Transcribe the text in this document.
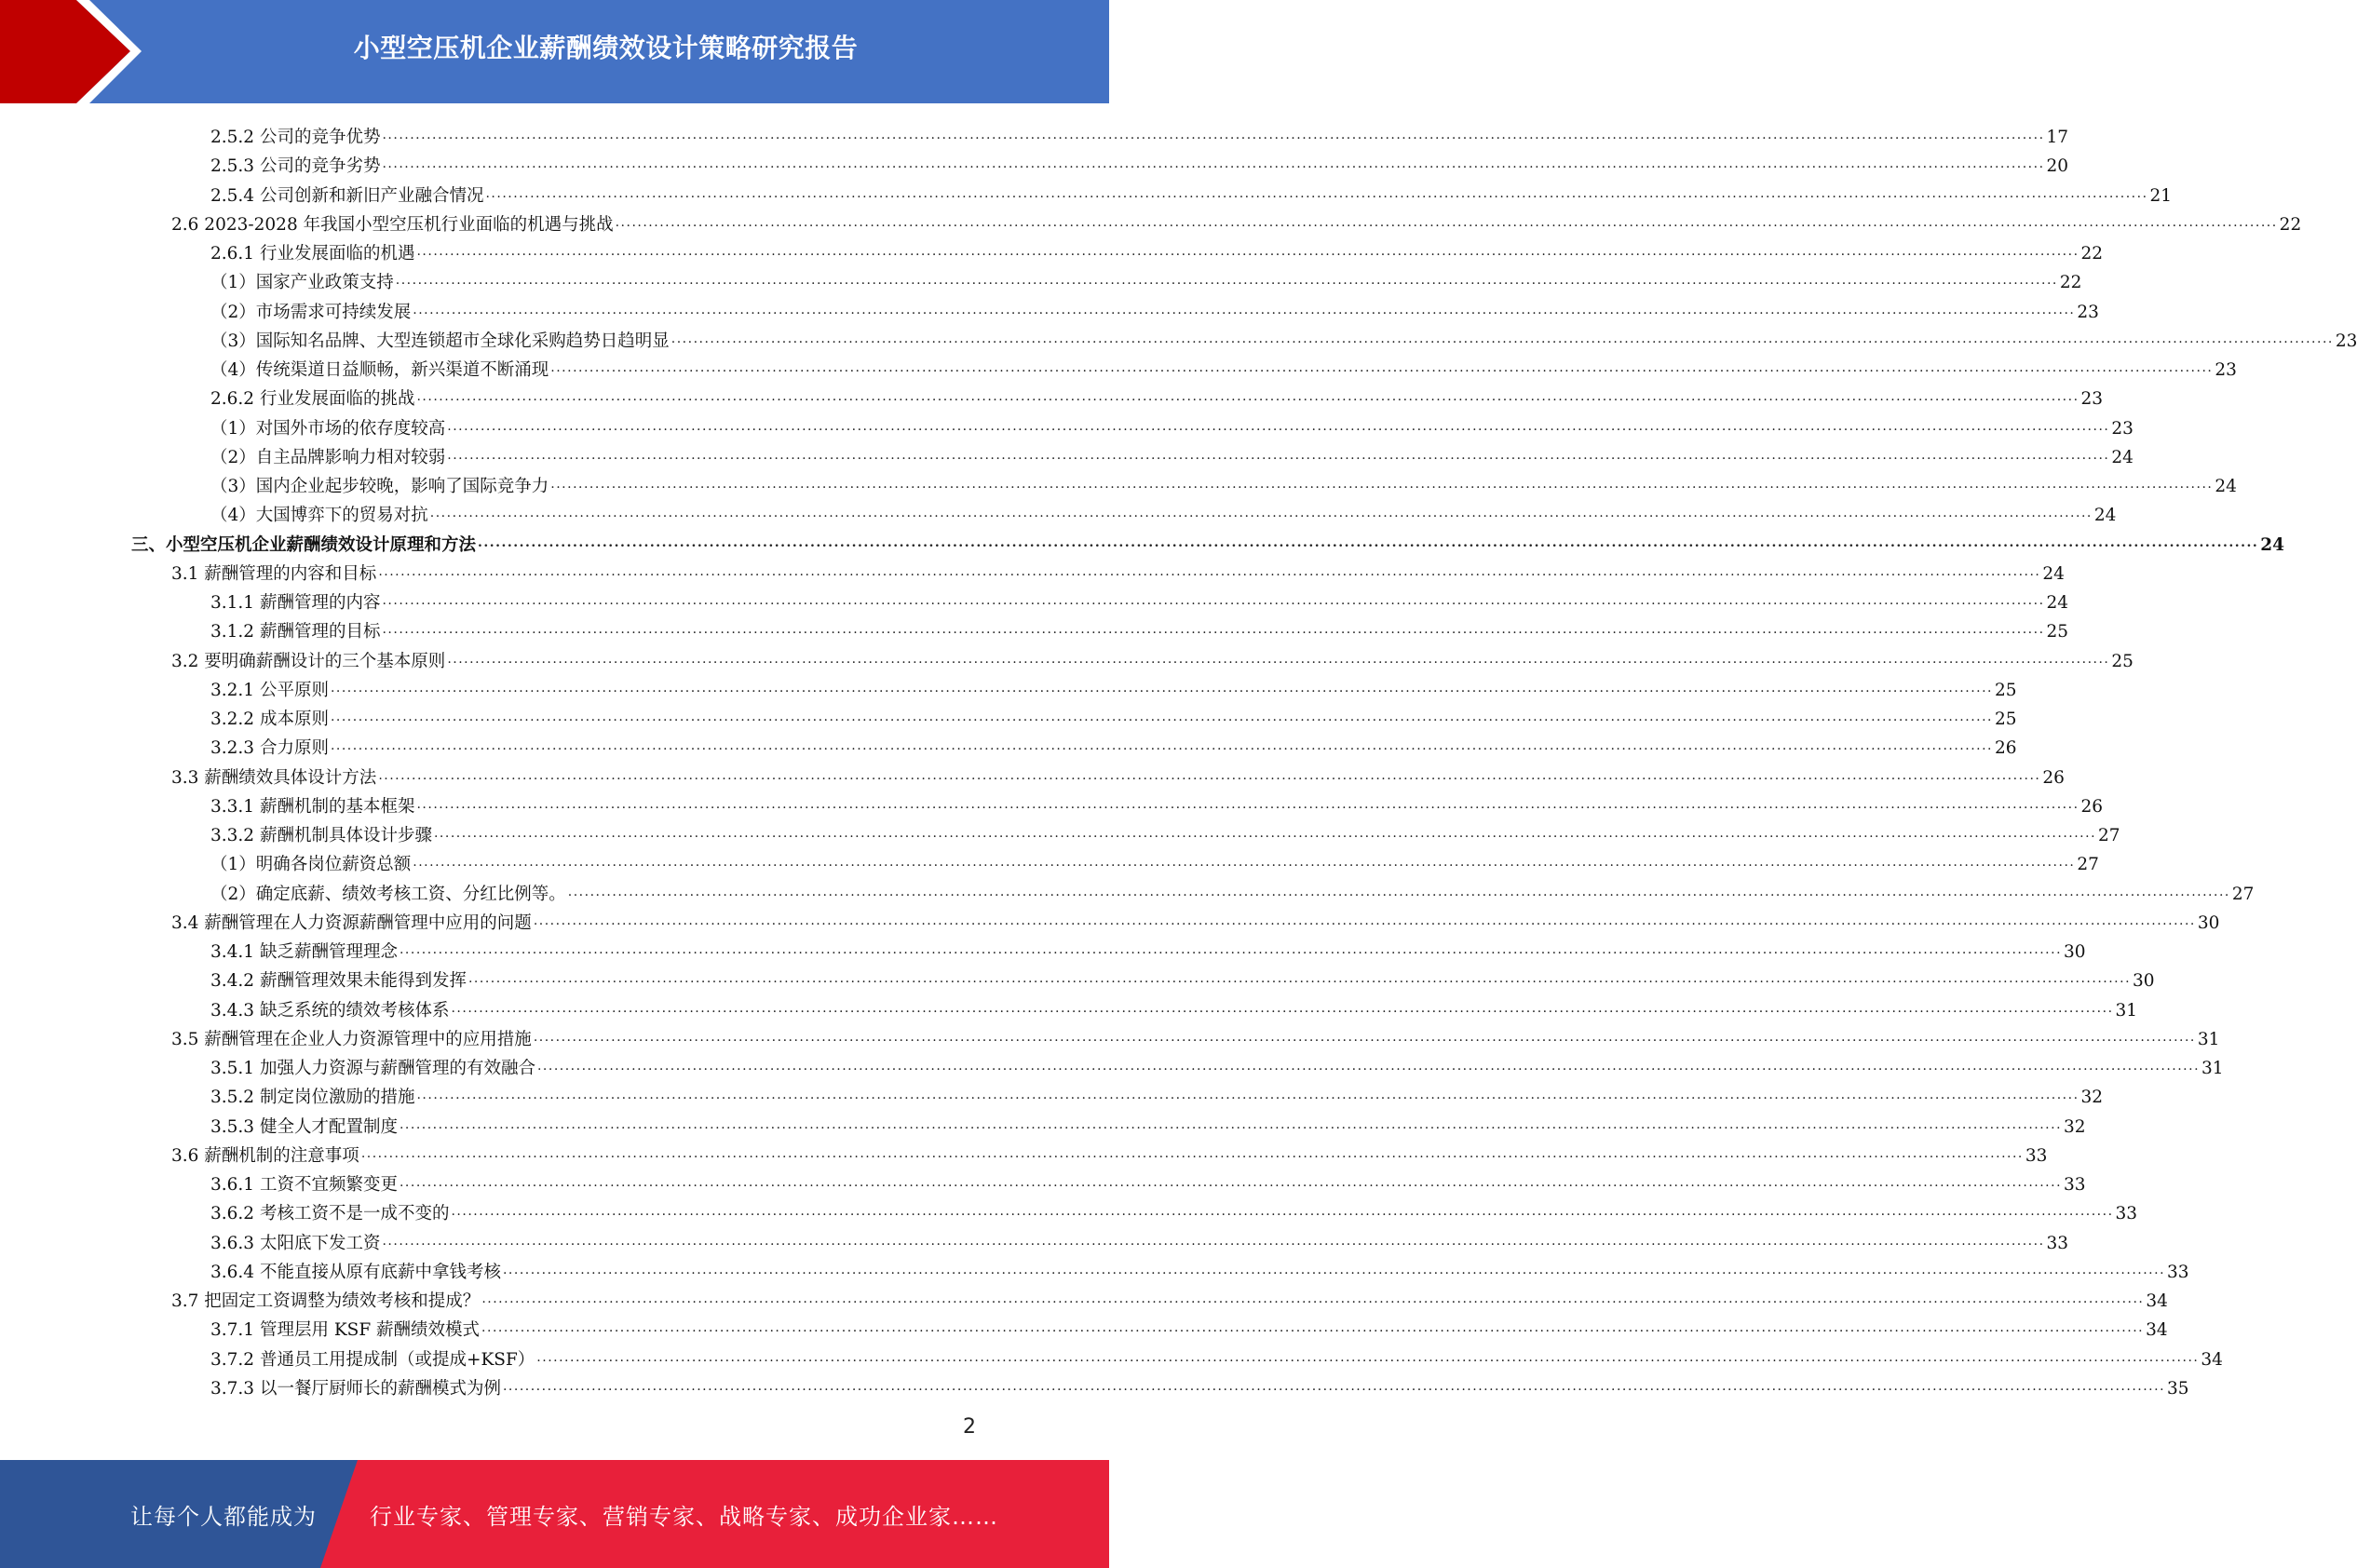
小型空压机企业薪酬绩效设计策略研究报告
2.5.2 公司的竞争优势 ............................................................................................................................................................................................................................................................................................................ 17
2.5.3 公司的竞争劣势 ............................................................................................................................................................................................................................................................................................................ 20
2.5.4 公司创新和新旧产业融合情况 ............................................................................................................................................................................................................................................................................................................ 21
2.6 2023-2028 年我国小型空压机行业面临的机遇与挑战 ............................................................................................................................................................................................................................................................................................................ 22
2.6.1 行业发展面临的机遇 ............................................................................................................................................................................................................................................................................................................ 22
（1）国家产业政策支持 ............................................................................................................................................................................................................................................................................................................ 22
（2）市场需求可持续发展 ............................................................................................................................................................................................................................................................................................................ 23
（3）国际知名品牌、大型连锁超市全球化采购趋势日趋明显 ............................................................................................................................................................................................................................................................................................................ 23
（4）传统渠道日益顺畅，新兴渠道不断涌现 ............................................................................................................................................................................................................................................................................................................ 23
2.6.2 行业发展面临的挑战 ............................................................................................................................................................................................................................................................................................................ 23
（1）对国外市场的依存度较高 ............................................................................................................................................................................................................................................................................................................ 23
（2）自主品牌影响力相对较弱 ............................................................................................................................................................................................................................................................................................................ 24
（3）国内企业起步较晚，影响了国际竞争力 ............................................................................................................................................................................................................................................................................................................ 24
（4）大国博弈下的贸易对抗 ............................................................................................................................................................................................................................................................................................................ 24
三、小型空压机企业薪酬绩效设计原理和方法 ............................................................................................................................................................................................................................................................................................................ 24
3.1 薪酬管理的内容和目标 ............................................................................................................................................................................................................................................................................................................ 24
3.1.1 薪酬管理的内容 ............................................................................................................................................................................................................................................................................................................ 24
3.1.2 薪酬管理的目标 ............................................................................................................................................................................................................................................................................................................ 25
3.2 要明确薪酬设计的三个基本原则 ............................................................................................................................................................................................................................................................................................................ 25
3.2.1 公平原则 ............................................................................................................................................................................................................................................................................................................ 25
3.2.2 成本原则 ............................................................................................................................................................................................................................................................................................................ 25
3.2.3 合力原则 ............................................................................................................................................................................................................................................................................................................ 26
3.3 薪酬绩效具体设计方法 ............................................................................................................................................................................................................................................................................................................ 26
3.3.1 薪酬机制的基本框架 ............................................................................................................................................................................................................................................................................................................ 26
3.3.2 薪酬机制具体设计步骤 ............................................................................................................................................................................................................................................................................................................ 27
（1）明确各岗位薪资总额 ............................................................................................................................................................................................................................................................................................................ 27
（2）确定底薪、绩效考核工资、分红比例等。 ............................................................................................................................................................................................................................................................................................................ 27
3.4 薪酬管理在人力资源薪酬管理中应用的问题 ............................................................................................................................................................................................................................................................................................................ 30
3.4.1 缺乏薪酬管理理念 ............................................................................................................................................................................................................................................................................................................ 30
3.4.2 薪酬管理效果未能得到发挥 ............................................................................................................................................................................................................................................................................................................ 30
3.4.3 缺乏系统的绩效考核体系 ............................................................................................................................................................................................................................................................................................................ 31
3.5 薪酬管理在企业人力资源管理中的应用措施 ............................................................................................................................................................................................................................................................................................................ 31
3.5.1 加强人力资源与薪酬管理的有效融合 ............................................................................................................................................................................................................................................................................................................ 31
3.5.2 制定岗位激励的措施 ............................................................................................................................................................................................................................................................................................................ 32
3.5.3 健全人才配置制度 ............................................................................................................................................................................................................................................................................................................ 32
3.6 薪酬机制的注意事项 ............................................................................................................................................................................................................................................................................................................ 33
3.6.1 工资不宜频繁变更 ............................................................................................................................................................................................................................................................................................................ 33
3.6.2 考核工资不是一成不变的 ............................................................................................................................................................................................................................................................................................................ 33
3.6.3 太阳底下发工资 ............................................................................................................................................................................................................................................................................................................ 33
3.6.4 不能直接从原有底薪中拿钱考核 ............................................................................................................................................................................................................................................................................................................ 33
3.7 把固定工资调整为绩效考核和提成？ ............................................................................................................................................................................................................................................................................................................ 34
3.7.1 管理层用 KSF 薪酬绩效模式 ............................................................................................................................................................................................................................................................................................................ 34
3.7.2 普通员工用提成制（或提成+KSF） ............................................................................................................................................................................................................................................................................................................ 34
3.7.3 以一餐厅厨师长的薪酬模式为例 ............................................................................................................................................................................................................................................................................................................ 35
2
让每个人都能成为 行业专家、管理专家、营销专家、战略专家、成功企业家……
